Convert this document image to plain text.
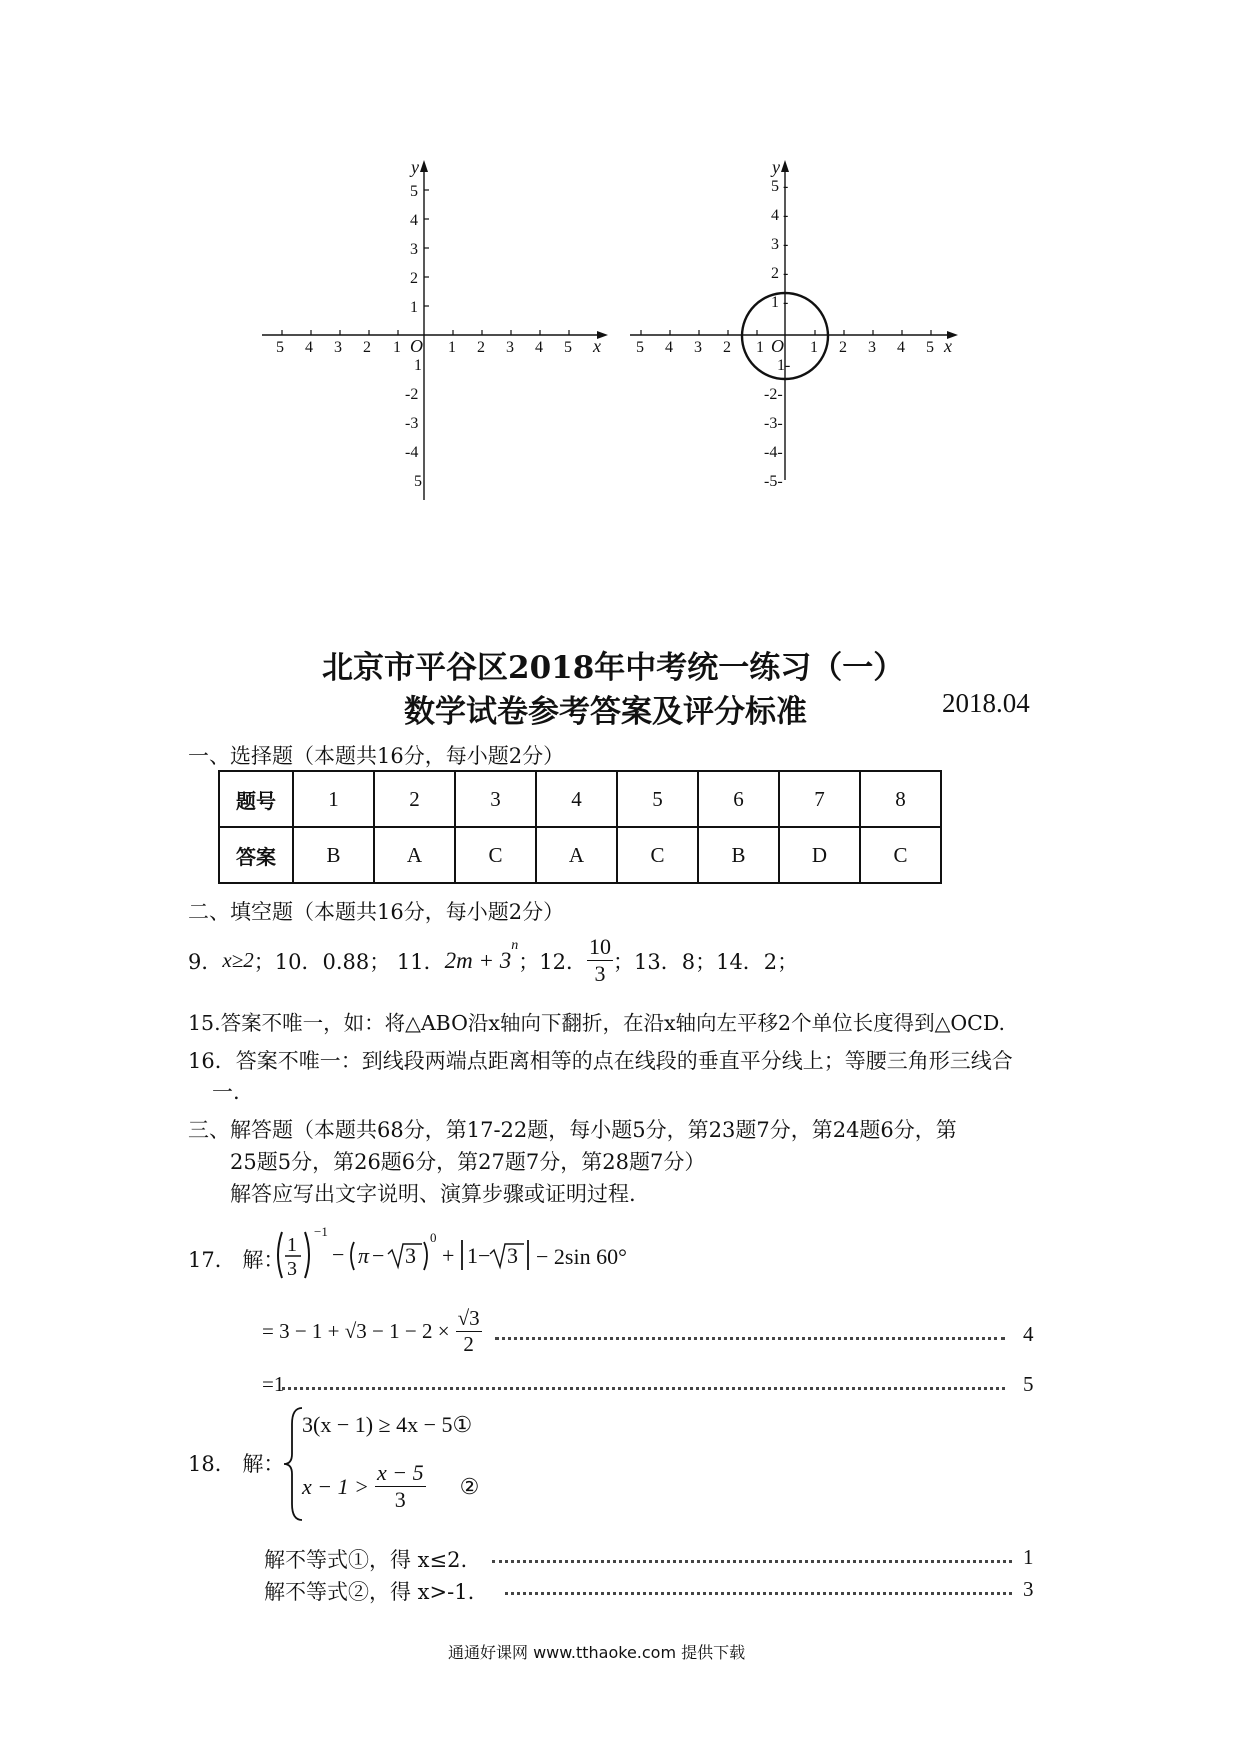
x
y
O
5 4 3 2 1	1 2 3 4 5
5
4
3
2
1
1
-2
-3
-4
5
x
y
O
5 4 3 2 1	1 2 3 4 5
5 -
4 -
3 -
2 -
1 -
1-
-2-
-3-
-4-
-5-
北京市平谷区2018年中考统一练习（一）
数学试卷参考答案及评分标准	2018.04
一、选择题（本题共16分，每小题2分）
题号	1	2	3	4	5	6	7	8
答案	B	A	C	A	C	B	D	C
二、填空题（本题共16分，每小题2分）
9． x≥2 ；10．0.88； 11． 2m + 3
$^n$
；12． $\frac{10}{3}$ ；13．8；14．2；
15.答案不唯一，如：将△ABO沿x轴向下翻折，在沿x轴向左平移2个单位长度得到△OCD.
16．答案不唯一：到线段两端点距离相等的点在线段的垂直平分线上；等腰三角形三线合
一.
三、解答题（本题共68分，第17-22题，每小题5分，第23题7分，第24题6分，第
25题5分，第26题6分，第27题7分，第28题7分）
解答应写出文字说明、演算步骤或证明过程.
17． 解：
1
3
−1
− π − 3
0
+ 1− 3 − 2sin 60°
= $3 - 1 + √3 - 1 - 2 \times \frac{√3}{2}$	4
=1	5
18． 解：
3(x − 1) ≥ 4x − 5①
$x - 1 > \frac{x - 5}{3}$ ②
解不等式①，得 x≤2.	1
解不等式②，得 x>-1.	3
通通好课网 www.tthaoke.com 提供下载
